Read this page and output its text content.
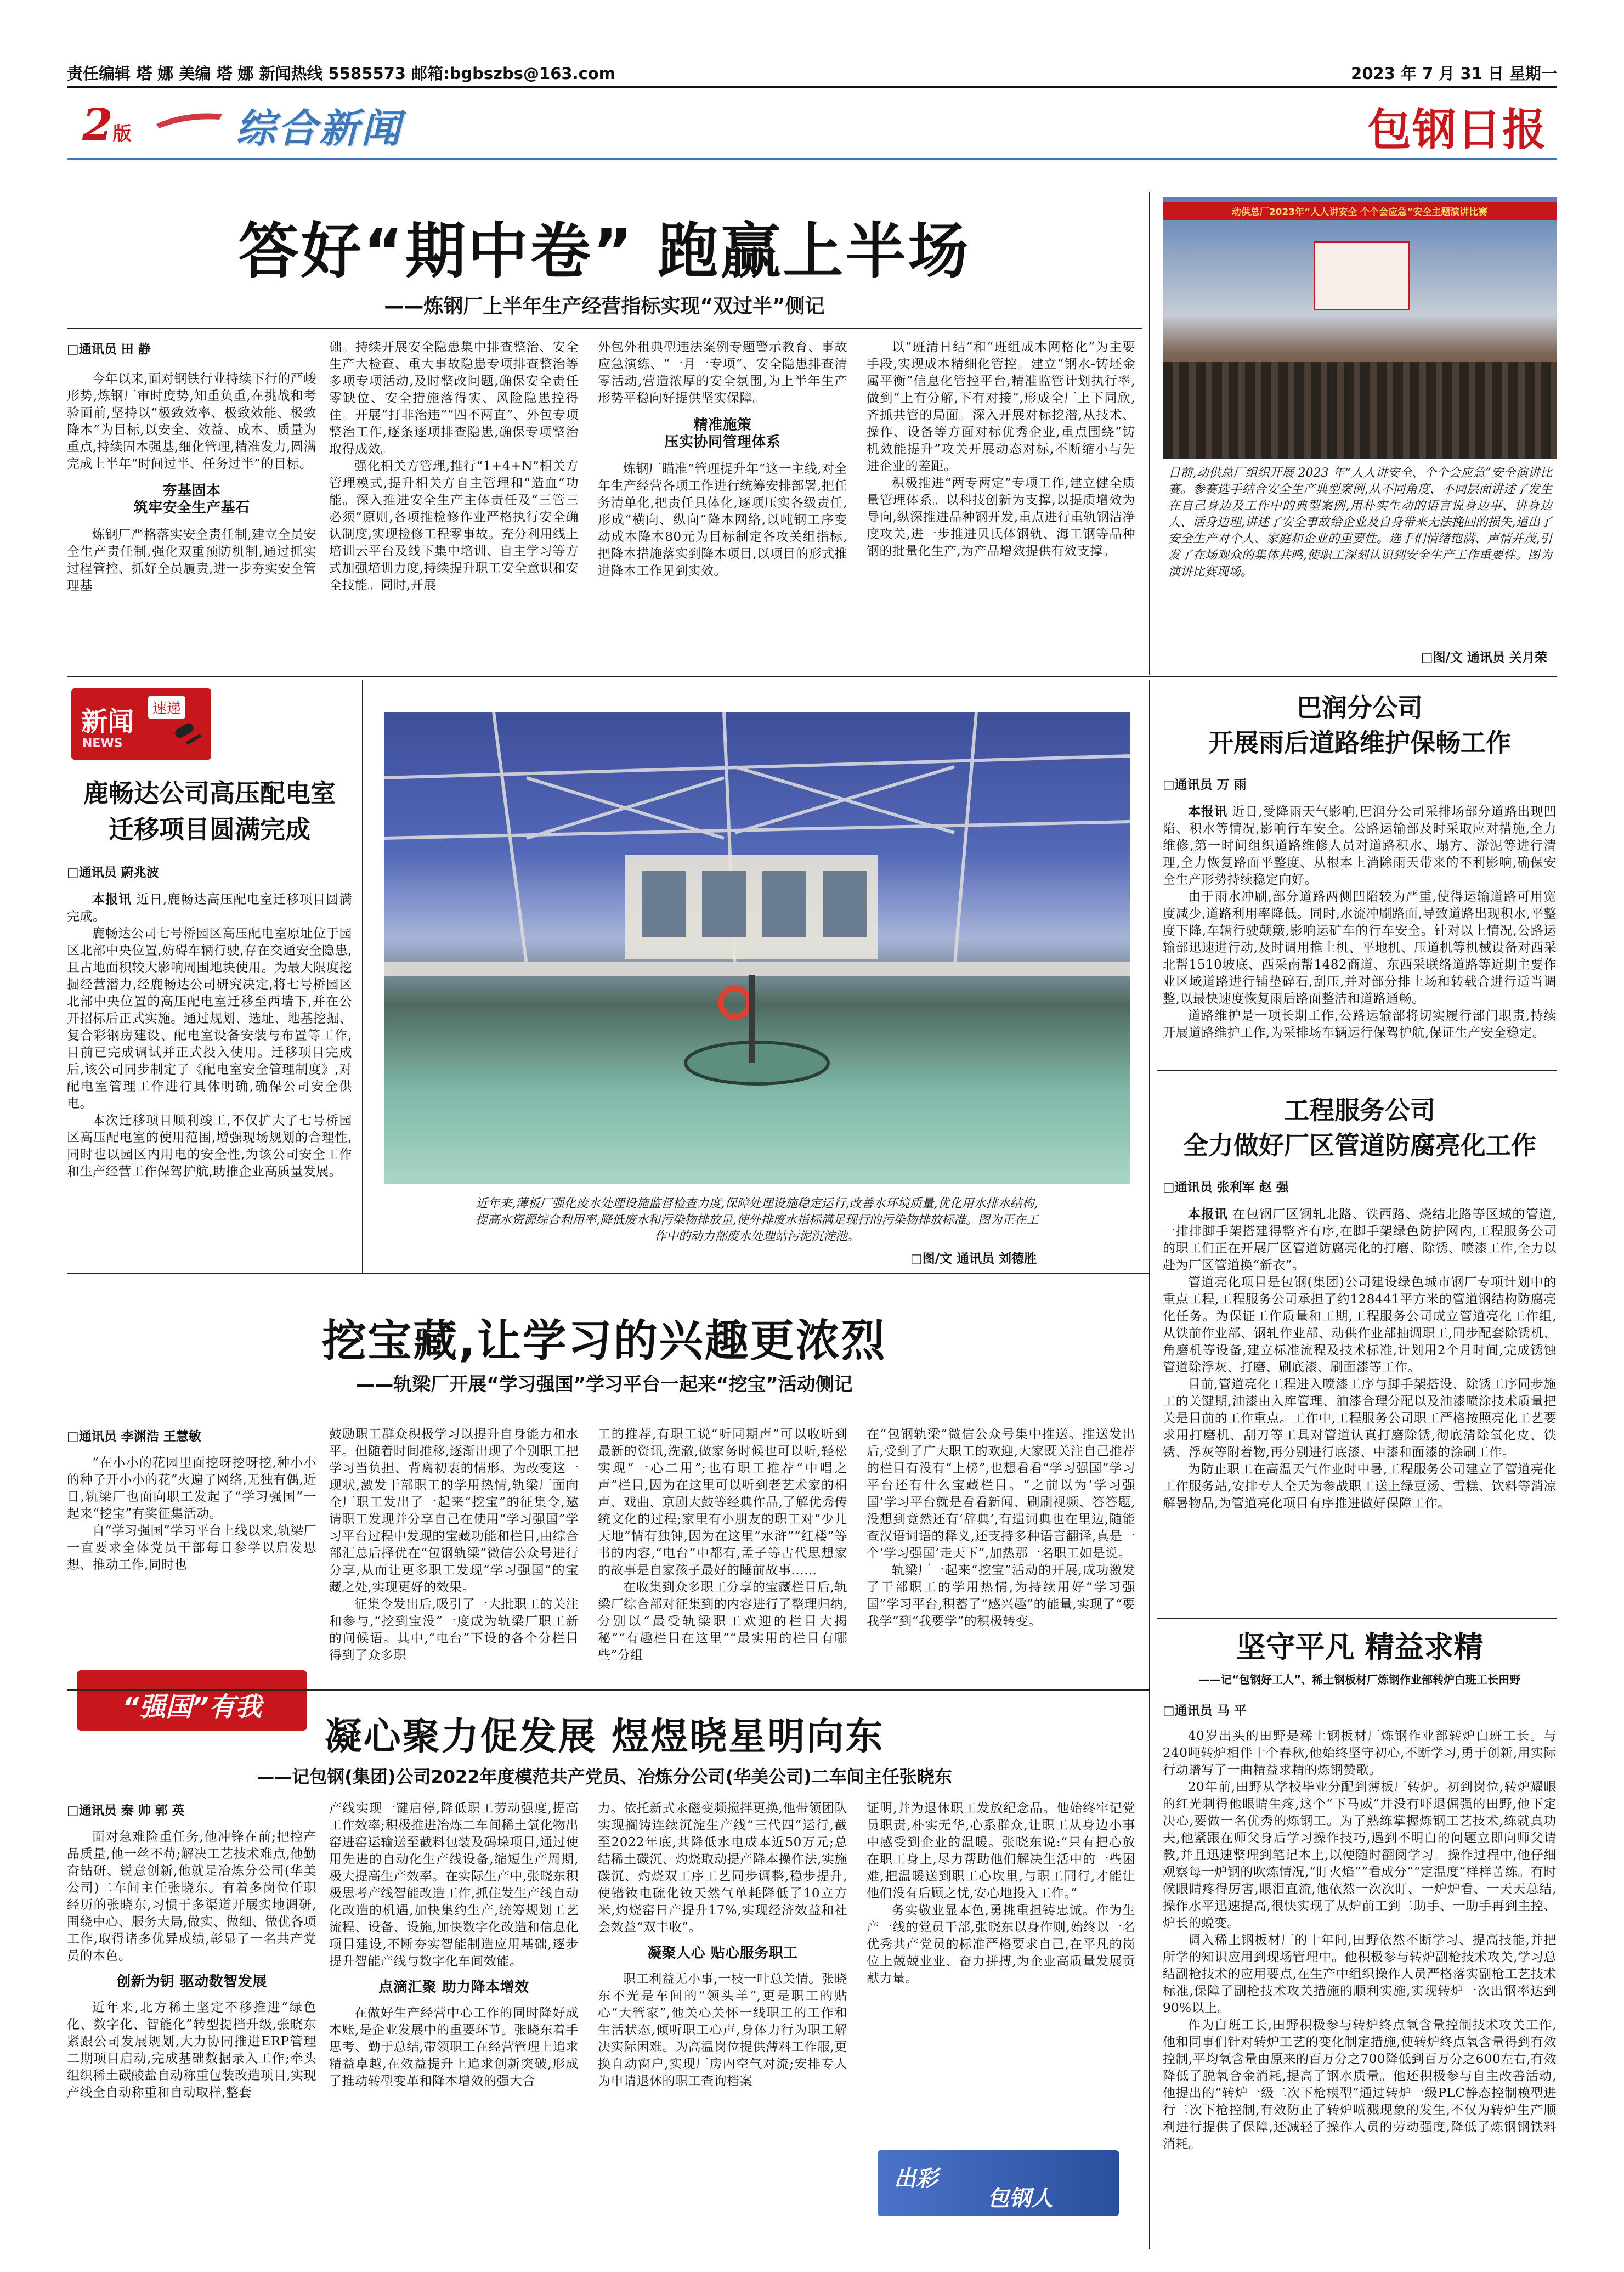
责任编辑 塔 娜 美编 塔 娜 新闻热线 5585573 邮箱:bgbszbs@163.com	2023 年 7 月 31 日 星期一
2版	综合新闻	包钢日报
答好“期中卷” 跑赢上半场
——炼钢厂上半年生产经营指标实现“双过半”侧记
□通讯员 田 静

今年以来,面对钢铁行业持续下行的严峻形势,炼钢厂审时度势,知重负重,在挑战和考验面前,坚持以“极致效率、极致效能、极致降本”为目标,以安全、效益、成本、质量为重点,持续固本强基,细化管理,精准发力,圆满完成上半年“时间过半、任务过半”的目标。

夯基固本
筑牢安全生产基石

炼钢厂严格落实安全责任制,建立全员安全生产责任制,强化双重预防机制,通过抓实过程管控、抓好全员履责,进一步夯实安全管理基

础。持续开展安全隐患集中排查整治、安全生产大检查、重大事故隐患专项排查整治等多项专项活动,及时整改问题,确保安全责任零缺位、安全措施落得实、风险隐患控得住。开展“打非治违”“四不两直”、外包专项整治工作,逐条逐项排查隐患,确保专项整治取得成效。

强化相关方管理,推行“1+4+N”相关方管理模式,提升相关方自主管理和“造血”功能。深入推进安全生产主体责任及“三管三必须”原则,各项推检修作业严格执行安全确认制度,实现检修工程零事故。充分利用线上培训云平台及线下集中培训、自主学习等方式加强培训力度,持续提升职工安全意识和安全技能。同时,开展

外包外租典型违法案例专题警示教育、事故应急演练、“一月一专项”、安全隐患排查清零活动,营造浓厚的安全氛围,为上半年生产形势平稳向好提供坚实保障。

精准施策
压实协同管理体系

炼钢厂瞄准“管理提升年”这一主线,对全年生产经营各项工作进行统筹安排部署,把任务清单化,把责任具体化,逐项压实各级责任,形成“横向、纵向”降本网络,以吨钢工序变动成本降本80元为目标制定各攻关组指标,把降本措施落实到降本项目,以项目的形式推进降本工作见到实效。

以“班清日结”和“班组成本网格化”为主要手段,实现成本精细化管控。建立“钢水-铸坯金属平衡”信息化管控平台,精准监管计划执行率,做到“上有分解,下有对接”,形成全厂上下同欣,齐抓共管的局面。深入开展对标挖潜,从技术、操作、设备等方面对标优秀企业,重点围绕“铸机效能提升”攻关开展动态对标,不断缩小与先进企业的差距。

积极推进“两专两定”专项工作,建立健全质量管理体系。以科技创新为支撑,以提质增效为导向,纵深推进品种钢开发,重点进行重轨钢洁净度攻关,进一步推进贝氏体钢轨、海工钢等品种钢的批量化生产,为产品增效提供有效支撑。

动供总厂2023年“人人讲安全 个个会应急”安全主题演讲比赛
日前,动供总厂组织开展 2023 年“人人讲安全、个个会应急”安全演讲比赛。参赛选手结合安全生产典型案例,从不同角度、不同层面讲述了发生在自己身边及工作中的典型案例,用朴实生动的语言说身边事、讲身边人、话身边理,讲述了安全事故给企业及自身带来无法挽回的损失,道出了安全生产对个人、家庭和企业的重要性。选手们情绪饱满、声情并茂,引发了在场观众的集体共鸣,使职工深刻认识到安全生产工作重要性。图为演讲比赛现场。
□图/文 通讯员 关月荣
新闻	速递
NEWS
鹿畅达公司高压配电室
迁移项目圆满完成
□通讯员 蔚兆波

本报讯 近日,鹿畅达高压配电室迁移项目圆满完成。

鹿畅达公司七号桥园区高压配电室原址位于园区北部中央位置,妨碍车辆行驶,存在交通安全隐患,且占地面积较大影响周围地块使用。为最大限度挖掘经营潜力,经鹿畅达公司研究决定,将七号桥园区北部中央位置的高压配电室迁移至西墙下,并在公开招标后正式实施。通过规划、选址、地基挖掘、复合彩钢房建设、配电室设备安装与布置等工作,目前已完成调试并正式投入使用。迁移项目完成后,该公司同步制定了《配电室安全管理制度》,对配电室管理工作进行具体明确,确保公司安全供电。

本次迁移项目顺利竣工,不仅扩大了七号桥园区高压配电室的使用范围,增强现场规划的合理性,同时也以园区内用电的安全性,为该公司安全工作和生产经营工作保驾护航,助推企业高质量发展。

近年来,薄板厂强化废水处理设施监督检查力度,保障处理设施稳定运行,改善水环境质量,优化用水排水结构,提高水资源综合利用率,降低废水和污染物排放量,使外排废水指标满足现行的污染物排放标准。图为正在工作中的动力部废水处理站污泥沉淀池。
□图/文 通讯员 刘德胜
巴润分公司
开展雨后道路维护保畅工作
□通讯员 万 雨

本报讯 近日,受降雨天气影响,巴润分公司采排场部分道路出现凹陷、积水等情况,影响行车安全。公路运输部及时采取应对措施,全力维修,第一时间组织道路维修人员对道路积水、塌方、淤泥等进行清理,全力恢复路面平整度、从根本上消除雨天带来的不利影响,确保安全生产形势持续稳定向好。

由于雨水冲刷,部分道路两侧凹陷较为严重,使得运输道路可用宽度减少,道路利用率降低。同时,水流冲刷路面,导致道路出现积水,平整度下降,车辆行驶颠簸,影响运矿车的行车安全。针对以上情况,公路运输部迅速进行动,及时调用推土机、平地机、压道机等机械设备对西采北帮1510坡底、西采南帮1482商道、东西采联络道路等近期主要作业区域道路进行铺垫碎石,刮压,并对部分排土场和转载合进行适当调整,以最快速度恢复雨后路面整洁和道路通畅。

道路维护是一项长期工作,公路运输部将切实履行部门职责,持续开展道路维护工作,为采排场车辆运行保驾护航,保证生产安全稳定。

工程服务公司
全力做好厂区管道防腐亮化工作
□通讯员 张利军 赵 强

本报讯 在包钢厂区钢轧北路、铁西路、烧结北路等区域的管道,一排排脚手架搭建得整齐有序,在脚手架绿色防护网内,工程服务公司的职工们正在开展厂区管道防腐亮化的打磨、除锈、喷漆工作,全力以赴为厂区管道换“新衣”。

管道亮化项目是包钢(集团)公司建设绿色城市钢厂专项计划中的重点工程,工程服务公司承担了约128441平方米的管道钢结构防腐亮化任务。为保证工作质量和工期,工程服务公司成立管道亮化工作组,从铁前作业部、钢轧作业部、动供作业部抽调职工,同步配套除锈机、角磨机等设备,建立标准流程及技术标准,计划用2个月时间,完成锈蚀管道除浮灰、打磨、刷底漆、刷面漆等工作。

目前,管道亮化工程进入喷漆工序与脚手架搭设、除锈工序同步施工的关键期,油漆由入库管理、油漆合理分配以及油漆喷涂技术质量把关是目前的工作重点。工作中,工程服务公司职工严格按照亮化工艺要求用打磨机、刮刀等工具对管道认真打磨除锈,彻底清除氧化皮、铁锈、浮灰等附着物,再分别进行底漆、中漆和面漆的涂刷工作。

为防止职工在高温天气作业时中暑,工程服务公司建立了管道亮化工作服务站,安排专人全天为参战职工送上绿豆汤、雪糕、饮料等消凉解暑物品,为管道亮化项目有序推进做好保障工作。

挖宝藏,让学习的兴趣更浓烈
——轨梁厂开展“学习强国”学习平台一起来“挖宝”活动侧记
□通讯员 李渊浩 王慧敏

“在小小的花园里面挖呀挖呀挖,种小小的种子开小小的花”火遍了网络,无独有偶,近日,轨梁厂也面向职工发起了“学习强国”一起来“挖宝”有奖征集活动。

自“学习强国”学习平台上线以来,轨梁厂一直要求全体党员干部每日参学以启发思想、推动工作,同时也

“强国”有我

鼓励职工群众积极学习以提升自身能力和水平。但随着时间推移,逐渐出现了个别职工把学习当负担、背离初衷的情形。为改变这一现状,激发干部职工的学用热情,轨梁厂面向全厂职工发出了一起来“挖宝”的征集令,邀请职工发现并分享自己在使用“学习强国”学习平台过程中发现的宝藏功能和栏目,由综合部汇总后择优在“包钢轨梁”微信公众号进行分享,从而让更多职工发现“学习强国”的宝藏之处,实现更好的效果。

征集令发出后,吸引了一大批职工的关注和参与,“挖到宝没”一度成为轨梁厂职工新的问候语。其中,“电台”下设的各个分栏目得到了众多职

工的推荐,有职工说“听同期声”可以收听到最新的资讯,洗澈,做家务时候也可以听,轻松实现“一心二用”;也有职工推荐“中唱之声”栏目,因为在这里可以听到老艺术家的相声、戏曲、京剧大鼓等经典作品,了解优秀传统文化的过程;家里有小朋友的职工对“少儿天地”情有独钟,因为在这里“水浒”“红楼”等书的内容,“电台”中都有,孟子等古代思想家的故事是自家孩子最好的睡前故事……

在收集到众多职工分享的宝藏栏目后,轨梁厂综合部对征集到的内容进行了整理归纳,分别以“最受轨梁职工欢迎的栏目大揭秘”“有趣栏目在这里”“最实用的栏目有哪些”分组

在“包钢轨梁”微信公众号集中推送。推送发出后,受到了广大职工的欢迎,大家既关注自己推荐的栏目有没有“上榜”,也想看看“学习强国”学习平台还有什么宝藏栏目。“之前以为‘学习强国’学习平台就是看看新闻、刷刷视频、答答题,没想到竟然还有‘辞典’,有遗词典也在里边,随能查汉语词语的释义,还支持多种语言翻译,真是一个‘学习强国’走天下”,加热那一名职工如是说。

轨梁厂一起来“挖宝”活动的开展,成功激发了干部职工的学用热情,为持续用好“学习强国”学习平台,积蓄了“感兴趣”的能量,实现了“要我学”到“我要学”的积极转变。

坚守平凡 精益求精
——记“包钢好工人”、稀土钢板材厂炼钢作业部转炉白班工长田野
□通讯员 马 平

40岁出头的田野是稀土钢板材厂炼钢作业部转炉白班工长。与240吨转炉相伴十个春秋,他始终坚守初心,不断学习,勇于创新,用实际行动谱写了一曲精益求精的炼钢赞歌。

20年前,田野从学校毕业分配到薄板厂转炉。初到岗位,转炉耀眼的红光刺得他眼睛生疼,这个“下马威”并没有吓退倔强的田野,他下定决心,要做一名优秀的炼钢工。为了熟练掌握炼钢工艺技术,练就真功夫,他紧跟在师父身后学习操作技巧,遇到不明白的问题立即向师父请教,并且迅速整理到笔记本上,以便随时翻阅学习。操作过程中,他仔细观察每一炉钢的吹炼情况,“盯火焰”“看成分”“定温度”样样苦练。有时候眼睛疼得厉害,眼泪直流,他依然一次次盯、一炉炉看、一天天总结,操作水平迅速提高,很快实现了从炉前工到二助手、一助手再到主控、炉长的蜕变。

调入稀土钢板材厂的十年间,田野依然不断学习、提高技能,并把所学的知识应用到现场管理中。他积极参与转炉副枪技术攻关,学习总结副枪技术的应用要点,在生产中组织操作人员严格落实副枪工艺技术标准,保障了副枪技术攻关措施的顺利实施,实现转炉一次出钢率达到90%以上。

作为白班工长,田野积极参与转炉终点氧含量控制技术攻关工作,他和同事们针对转炉工艺的变化制定措施,使转炉终点氧含量得到有效控制,平均氧含量由原来的百万分之700降低到百万分之600左右,有效降低了脱氧合金消耗,提高了钢水质量。他还积极参与自主改善活动,他提出的“转炉一级二次下枪模型”通过转炉一级PLC静态控制模型进行二次下枪控制,有效防止了转炉喷溅现象的发生,不仅为转炉生产顺利进行提供了保障,还减轻了操作人员的劳动强度,降低了炼钢钢铁料消耗。

凝心聚力促发展 煜煜晓星明向东
——记包钢(集团)公司2022年度模范共产党员、冶炼分公司(华美公司)二车间主任张晓东
□通讯员 秦 帅 郭 英

面对急难险重任务,他冲锋在前;把控产品质量,他一丝不苟;解决工艺技术难点,他勤奋钻研、锐意创新,他就是冶炼分公司(华美公司)二车间主任张晓东。有着多岗位任职经历的张晓东,习惯于多渠道开展实地调研,围绕中心、服务大局,做实、做细、做优各项工作,取得诸多优异成绩,彰显了一名共产党员的本色。

创新为钥 驱动数智发展

近年来,北方稀土坚定不移推进“绿色化、数字化、智能化”转型提档升级,张晓东紧跟公司发展规划,大力协同推进ERP管理二期项目启动,完成基础数据录入工作;牵头组织稀土碳酸盐自动称重包装改造项目,实现产线全自动称重和自动取样,整套

产线实现一键启停,降低职工劳动强度,提高工作效率;积极推进冶炼二车间稀土氧化物出窑进窑运输送至截料包装及码垛项目,通过使用先进的自动化生产线设备,缩短生产周期,极大提高生产效率。在实际生产中,张晓东积极思考产线智能改造工作,抓住发生产线自动化改造的机遇,加快集约生产,统筹规划工艺流程、设备、设施,加快数字化改造和信息化项目建设,不断夯实智能制造应用基础,逐步提升智能产线与数字化车间效能。

点滴汇聚 助力降本增效

在做好生产经营中心工作的同时降好成本账,是企业发展中的重要环节。张晓东着手思考、勤于总结,带领职工在经营管理上追求精益卓越,在效益提升上追求创新突破,形成了推动转型变革和降本增效的强大合

力。依托新式永磁变频搅拌更换,他带领团队实现搁铸连续沉淀生产线“三代四”运行,截至2022年底,共降低水电成本近50万元;总结稀土碳沉、灼烧取动提产降本操作法,实施碳沉、灼烧双工序工艺同步调整,稳步提升,使镨钕电硫化钕天然气单耗降低了10立方米,灼烧窑日产提升17%,实现经济效益和社会效益“双丰收”。

凝聚人心 贴心服务职工

职工利益无小事,一枝一叶总关情。张晓东不光是车间的“领头羊”,更是职工的贴心“大管家”,他关心关怀一线职工的工作和生活状态,倾听职工心声,身体力行为职工解决实际困难。为高温岗位提供薄料工作服,更换自动窗户,实现厂房内空气对流;安排专人为申请退休的职工查询档案

证明,并为退休职工发放纪念品。他始终牢记党员职责,朴实无华,心系群众,让职工从身边小事中感受到企业的温暖。张晓东说:“只有把心放在职工身上,尽力帮助他们解决生活中的一些困难,把温暖送到职工心坎里,与职工同行,才能让他们没有后顾之忧,安心地投入工作。”

务实敬业显本色,勇挑重担铸忠诚。作为生产一线的党员干部,张晓东以身作则,始终以一名优秀共产党员的标准严格要求自己,在平凡的岗位上兢兢业业、奋力拼搏,为企业高质量发展贡献力量。

出彩
包钢人
